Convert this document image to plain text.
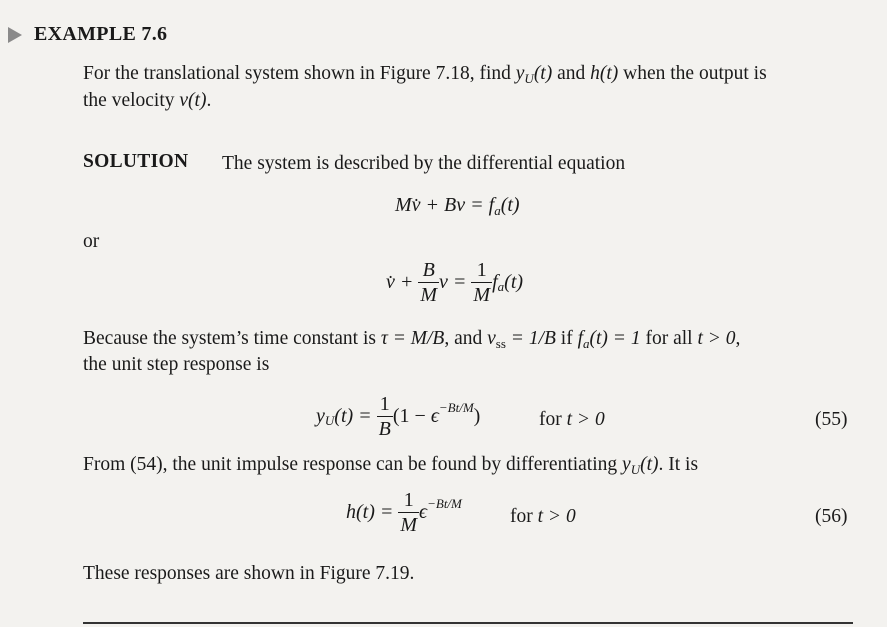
EXAMPLE 7.6
For the translational system shown in Figure 7.18, find $y_U(t)$ and h(t) when the output is
the velocity v(t).
SOLUTION The system is described by the differential equation
Mv̇ + $Bv = f_a(t)$
or
v̇ + $\frac{B}{M}$ $v = \frac{1}{M} f_a(t)$
Because the system’s time constant is τ = M/B, and $v_{ss} = 1/B$ if $f_a(t) = 1$ for all t > 0,
the unit step response is
$y_U(t) = \frac{1}{B} (1 - \epsilon^{-Bt/M})$	for t > 0	(55)
From (54), the unit impulse response can be found by differentiating $y_U(t)$. It is
$h(t) = \frac{1}{M} \epsilon^{-Bt/M}$
for t > 0	(56)
These responses are shown in Figure 7.19.
